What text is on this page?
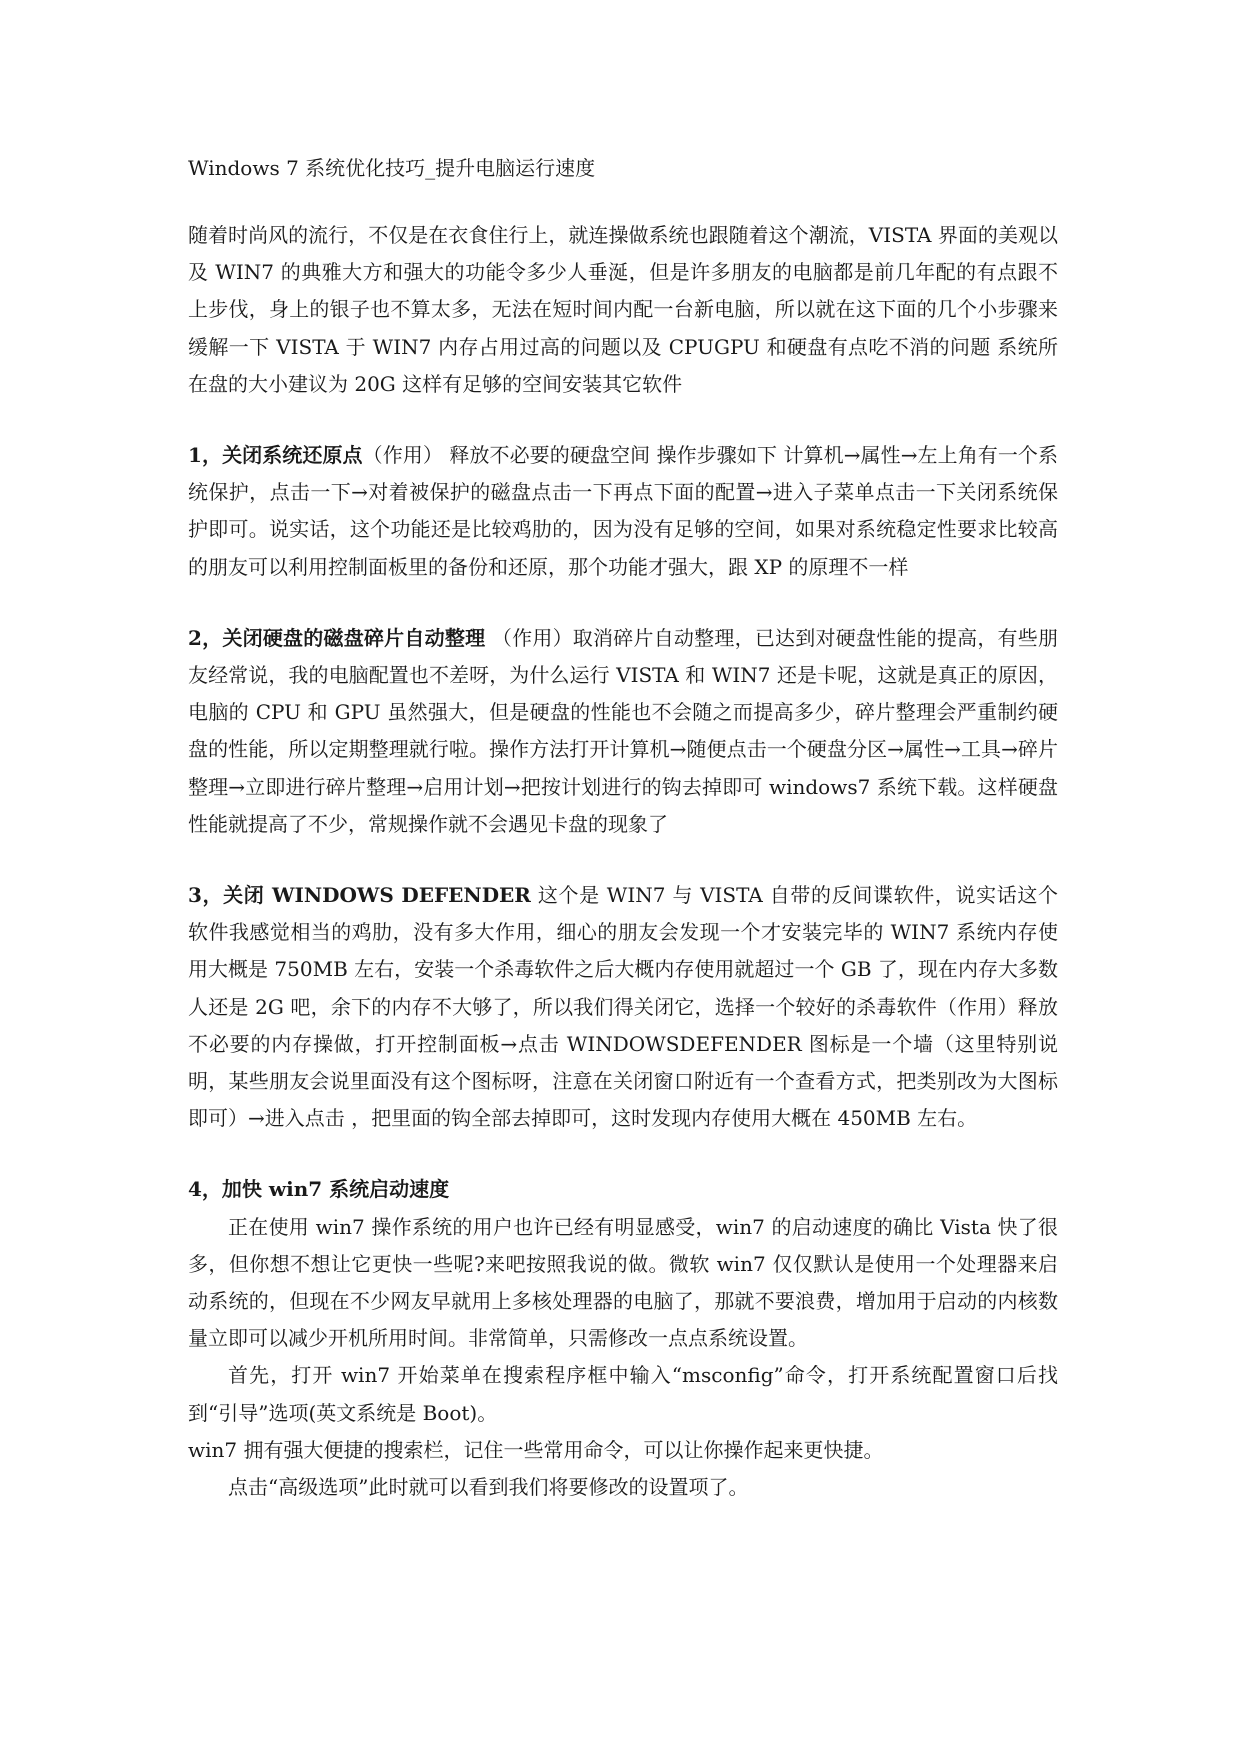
Windows 7 系统优化技巧_提升电脑运行速度

随着时尚风的流行，不仅是在衣食住行上，就连操做系统也跟随着这个潮流，VISTA 界面的美观以及 WIN7 的典雅大方和强大的功能令多少人垂涎，但是许多朋友的电脑都是前几年配的有点跟不上步伐，身上的银子也不算太多，无法在短时间内配一台新电脑，所以就在这下面的几个小步骤来缓解一下 VISTA 于 WIN7 内存占用过高的问题以及 CPUGPU 和硬盘有点吃不消的问题 系统所在盘的大小建议为 20G 这样有足够的空间安装其它软件

1，关闭系统还原点（作用） 释放不必要的硬盘空间 操作步骤如下 计算机→属性→左上角有一个系统保护，点击一下→对着被保护的磁盘点击一下再点下面的配置→进入子菜单点击一下关闭系统保护即可。说实话，这个功能还是比较鸡肋的，因为没有足够的空间，如果对系统稳定性要求比较高的朋友可以利用控制面板里的备份和还原，那个功能才强大，跟 XP 的原理不一样

2，关闭硬盘的磁盘碎片自动整理 （作用）取消碎片自动整理，已达到对硬盘性能的提高，有些朋友经常说，我的电脑配置也不差呀，为什么运行 VISTA 和 WIN7 还是卡呢，这就是真正的原因，电脑的 CPU 和 GPU 虽然强大，但是硬盘的性能也不会随之而提高多少，碎片整理会严重制约硬盘的性能，所以定期整理就行啦。操作方法打开计算机→随便点击一个硬盘分区→属性→工具→碎片整理→立即进行碎片整理→启用计划→把按计划进行的钩去掉即可 windows7 系统下载。这样硬盘性能就提高了不少，常规操作就不会遇见卡盘的现象了

3，关闭 WINDOWS DEFENDER 这个是 WIN7 与 VISTA 自带的反间谍软件，说实话这个软件我感觉相当的鸡肋，没有多大作用，细心的朋友会发现一个才安装完毕的 WIN7 系统内存使用大概是 750MB 左右，安装一个杀毒软件之后大概内存使用就超过一个 GB 了，现在内存大多数人还是 2G 吧，余下的内存不大够了，所以我们得关闭它，选择一个较好的杀毒软件（作用）释放不必要的内存操做，打开控制面板→点击 WINDOWSDEFENDER 图标是一个墙（这里特别说明，某些朋友会说里面没有这个图标呀，注意在关闭窗口附近有一个查看方式，把类别改为大图标即可）→进入点击 ，把里面的钩全部去掉即可，这时发现内存使用大概在 450MB 左右。

4，加快 win7 系统启动速度

正在使用 win7 操作系统的用户也许已经有明显感受，win7 的启动速度的确比 Vista 快了很多，但你想不想让它更快一些呢?来吧按照我说的做。微软 win7 仅仅默认是使用一个处理器来启动系统的，但现在不少网友早就用上多核处理器的电脑了，那就不要浪费，增加用于启动的内核数量立即可以减少开机所用时间。非常简单，只需修改一点点系统设置。

首先，打开 win7 开始菜单在搜索程序框中输入“msconfig”命令，打开系统配置窗口后找到“引导”选项(英文系统是 Boot)。

win7 拥有强大便捷的搜索栏，记住一些常用命令，可以让你操作起来更快捷。

点击“高级选项”此时就可以看到我们将要修改的设置项了。
